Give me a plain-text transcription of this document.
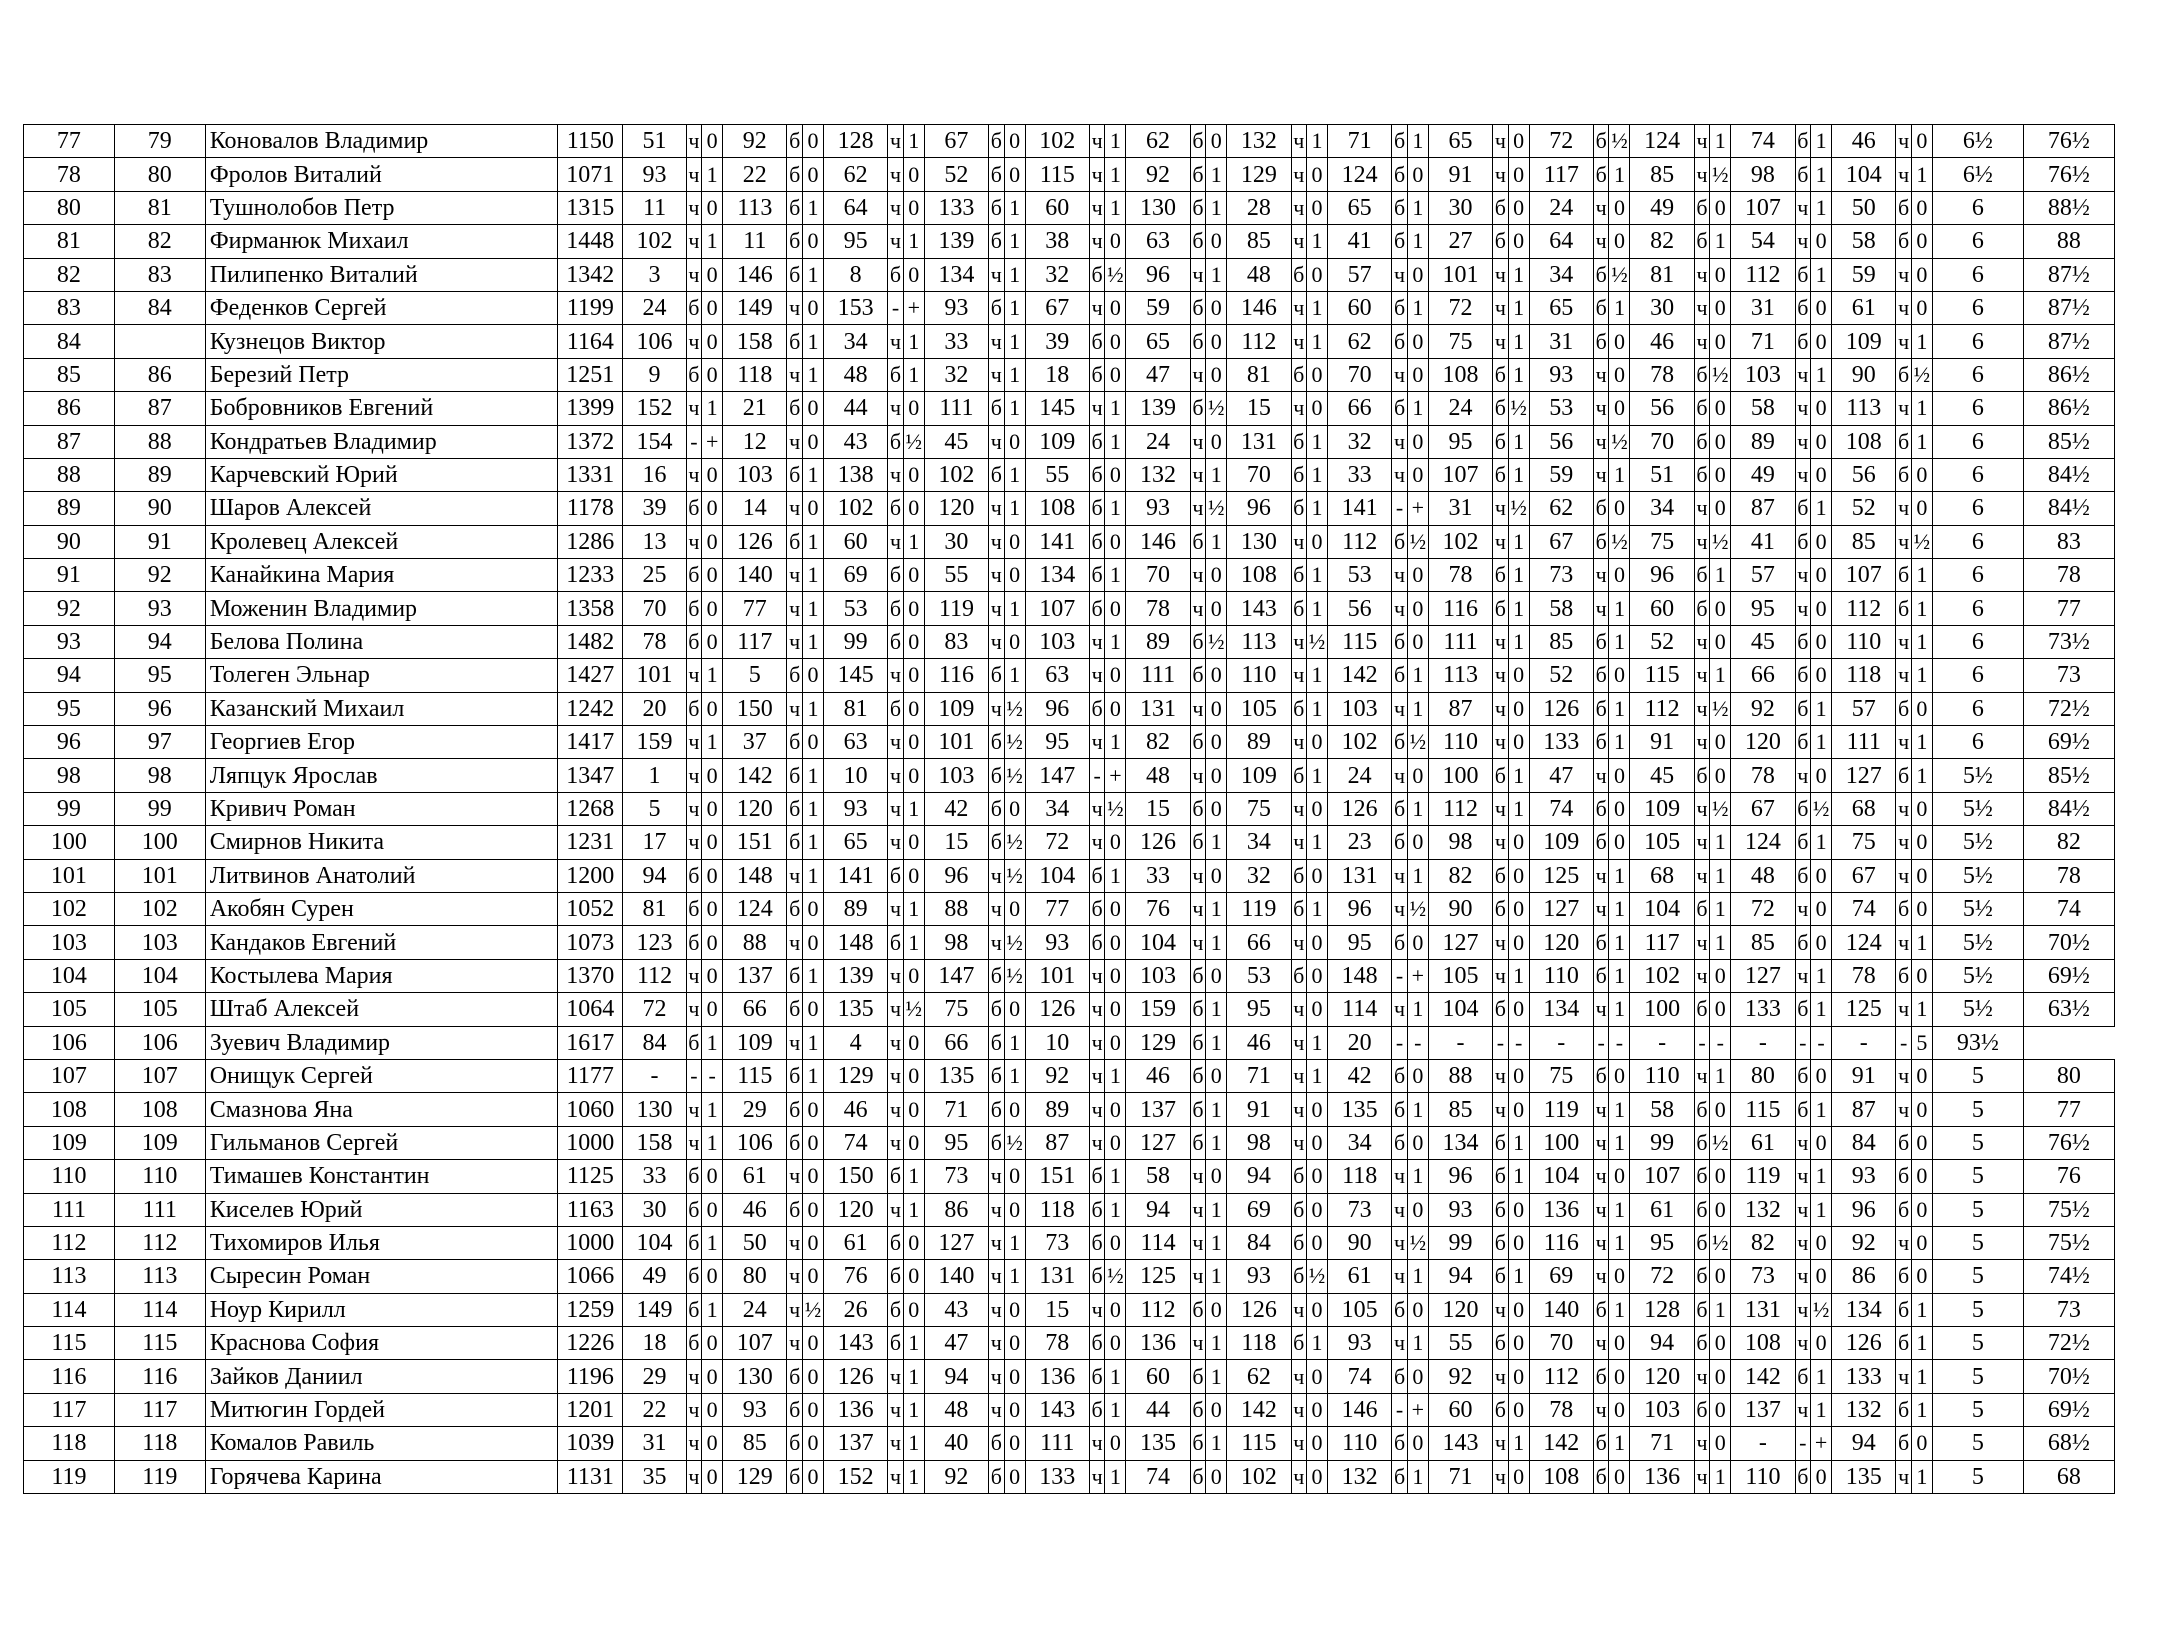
77	79	Коновалов Владимир	1150	51	ч	0	92	б	0	128	ч	1	67	б	0	102	ч	1	62	б	0	132	ч	1	71	б	1	65	ч	0	72	б	½	124	ч	1	74	б	1	46	ч	0	6½	76½
78	80	Фролов Виталий	1071	93	ч	1	22	б	0	62	ч	0	52	б	0	115	ч	1	92	б	1	129	ч	0	124	б	0	91	ч	0	117	б	1	85	ч	½	98	б	1	104	ч	1	6½	76½
80	81	Тушнолобов Петр	1315	11	ч	0	113	б	1	64	ч	0	133	б	1	60	ч	1	130	б	1	28	ч	0	65	б	1	30	б	0	24	ч	0	49	б	0	107	ч	1	50	б	0	6	88½
81	82	Фирманюк Михаил	1448	102	ч	1	11	б	0	95	ч	1	139	б	1	38	ч	0	63	б	0	85	ч	1	41	б	1	27	б	0	64	ч	0	82	б	1	54	ч	0	58	б	0	6	88
82	83	Пилипенко Виталий	1342	3	ч	0	146	б	1	8	б	0	134	ч	1	32	б	½	96	ч	1	48	б	0	57	ч	0	101	ч	1	34	б	½	81	ч	0	112	б	1	59	ч	0	6	87½
83	84	Феденков Сергей	1199	24	б	0	149	ч	0	153	-	+	93	б	1	67	ч	0	59	б	0	146	ч	1	60	б	1	72	ч	1	65	б	1	30	ч	0	31	б	0	61	ч	0	6	87½
84		Кузнецов Виктор	1164	106	ч	0	158	б	1	34	ч	1	33	ч	1	39	б	0	65	б	0	112	ч	1	62	б	0	75	ч	1	31	б	0	46	ч	0	71	б	0	109	ч	1	6	87½
85	86	Березий Петр	1251	9	б	0	118	ч	1	48	б	1	32	ч	1	18	б	0	47	ч	0	81	б	0	70	ч	0	108	б	1	93	ч	0	78	б	½	103	ч	1	90	б	½	6	86½
86	87	Бобровников Евгений	1399	152	ч	1	21	б	0	44	ч	0	111	б	1	145	ч	1	139	б	½	15	ч	0	66	б	1	24	б	½	53	ч	0	56	б	0	58	ч	0	113	ч	1	6	86½
87	88	Кондратьев Владимир	1372	154	-	+	12	ч	0	43	б	½	45	ч	0	109	б	1	24	ч	0	131	б	1	32	ч	0	95	б	1	56	ч	½	70	б	0	89	ч	0	108	б	1	6	85½
88	89	Карчевский Юрий	1331	16	ч	0	103	б	1	138	ч	0	102	б	1	55	б	0	132	ч	1	70	б	1	33	ч	0	107	б	1	59	ч	1	51	б	0	49	ч	0	56	б	0	6	84½
89	90	Шаров Алексей	1178	39	б	0	14	ч	0	102	б	0	120	ч	1	108	б	1	93	ч	½	96	б	1	141	-	+	31	ч	½	62	б	0	34	ч	0	87	б	1	52	ч	0	6	84½
90	91	Кролевец Алексей	1286	13	ч	0	126	б	1	60	ч	1	30	ч	0	141	б	0	146	б	1	130	ч	0	112	б	½	102	ч	1	67	б	½	75	ч	½	41	б	0	85	ч	½	6	83
91	92	Канайкина Мария	1233	25	б	0	140	ч	1	69	б	0	55	ч	0	134	б	1	70	ч	0	108	б	1	53	ч	0	78	б	1	73	ч	0	96	б	1	57	ч	0	107	б	1	6	78
92	93	Моженин Владимир	1358	70	б	0	77	ч	1	53	б	0	119	ч	1	107	б	0	78	ч	0	143	б	1	56	ч	0	116	б	1	58	ч	1	60	б	0	95	ч	0	112	б	1	6	77
93	94	Белова Полина	1482	78	б	0	117	ч	1	99	б	0	83	ч	0	103	ч	1	89	б	½	113	ч	½	115	б	0	111	ч	1	85	б	1	52	ч	0	45	б	0	110	ч	1	6	73½
94	95	Толеген Эльнар	1427	101	ч	1	5	б	0	145	ч	0	116	б	1	63	ч	0	111	б	0	110	ч	1	142	б	1	113	ч	0	52	б	0	115	ч	1	66	б	0	118	ч	1	6	73
95	96	Казанский Михаил	1242	20	б	0	150	ч	1	81	б	0	109	ч	½	96	б	0	131	ч	0	105	б	1	103	ч	1	87	ч	0	126	б	1	112	ч	½	92	б	1	57	б	0	6	72½
96	97	Георгиев Егор	1417	159	ч	1	37	б	0	63	ч	0	101	б	½	95	ч	1	82	б	0	89	ч	0	102	б	½	110	ч	0	133	б	1	91	ч	0	120	б	1	111	ч	1	6	69½
98	98	Ляпцук Ярослав	1347	1	ч	0	142	б	1	10	ч	0	103	б	½	147	-	+	48	ч	0	109	б	1	24	ч	0	100	б	1	47	ч	0	45	б	0	78	ч	0	127	б	1	5½	85½
99	99	Кривич Роман	1268	5	ч	0	120	б	1	93	ч	1	42	б	0	34	ч	½	15	б	0	75	ч	0	126	б	1	112	ч	1	74	б	0	109	ч	½	67	б	½	68	ч	0	5½	84½
100	100	Смирнов Никита	1231	17	ч	0	151	б	1	65	ч	0	15	б	½	72	ч	0	126	б	1	34	ч	1	23	б	0	98	ч	0	109	б	0	105	ч	1	124	б	1	75	ч	0	5½	82
101	101	Литвинов Анатолий	1200	94	б	0	148	ч	1	141	б	0	96	ч	½	104	б	1	33	ч	0	32	б	0	131	ч	1	82	б	0	125	ч	1	68	ч	1	48	б	0	67	ч	0	5½	78
102	102	Акобян Сурен	1052	81	б	0	124	б	0	89	ч	1	88	ч	0	77	б	0	76	ч	1	119	б	1	96	ч	½	90	б	0	127	ч	1	104	б	1	72	ч	0	74	б	0	5½	74
103	103	Кандаков Евгений	1073	123	б	0	88	ч	0	148	б	1	98	ч	½	93	б	0	104	ч	1	66	ч	0	95	б	0	127	ч	0	120	б	1	117	ч	1	85	б	0	124	ч	1	5½	70½
104	104	Костылева Мария	1370	112	ч	0	137	б	1	139	ч	0	147	б	½	101	ч	0	103	б	0	53	б	0	148	-	+	105	ч	1	110	б	1	102	ч	0	127	ч	1	78	б	0	5½	69½
105	105	Штаб Алексей	1064	72	ч	0	66	б	0	135	ч	½	75	б	0	126	ч	0	159	б	1	95	ч	0	114	ч	1	104	б	0	134	ч	1	100	б	0	133	б	1	125	ч	1	5½	63½
106	106	Зуевич Владимир	1617	84	б	1	109	ч	1	4	ч	0	66	б	1	10	ч	0	129	б	1	46	ч	1	20	-	-	-	-	-	-	-	-	-	-	-	-	-	-	-	-	5	93½	
107	107	Онищук Сергей	1177	-	-	-	115	б	1	129	ч	0	135	б	1	92	ч	1	46	б	0	71	ч	1	42	б	0	88	ч	0	75	б	0	110	ч	1	80	б	0	91	ч	0	5	80
108	108	Смазнова Яна	1060	130	ч	1	29	б	0	46	ч	0	71	б	0	89	ч	0	137	б	1	91	ч	0	135	б	1	85	ч	0	119	ч	1	58	б	0	115	б	1	87	ч	0	5	77
109	109	Гильманов Сергей	1000	158	ч	1	106	б	0	74	ч	0	95	б	½	87	ч	0	127	б	1	98	ч	0	34	б	0	134	б	1	100	ч	1	99	б	½	61	ч	0	84	б	0	5	76½
110	110	Тимашев Константин	1125	33	б	0	61	ч	0	150	б	1	73	ч	0	151	б	1	58	ч	0	94	б	0	118	ч	1	96	б	1	104	ч	0	107	б	0	119	ч	1	93	б	0	5	76
111	111	Киселев Юрий	1163	30	б	0	46	б	0	120	ч	1	86	ч	0	118	б	1	94	ч	1	69	б	0	73	ч	0	93	б	0	136	ч	1	61	б	0	132	ч	1	96	б	0	5	75½
112	112	Тихомиров Илья	1000	104	б	1	50	ч	0	61	б	0	127	ч	1	73	б	0	114	ч	1	84	б	0	90	ч	½	99	б	0	116	ч	1	95	б	½	82	ч	0	92	ч	0	5	75½
113	113	Сыресин Роман	1066	49	б	0	80	ч	0	76	б	0	140	ч	1	131	б	½	125	ч	1	93	б	½	61	ч	1	94	б	1	69	ч	0	72	б	0	73	ч	0	86	б	0	5	74½
114	114	Ноур Кирилл	1259	149	б	1	24	ч	½	26	б	0	43	ч	0	15	ч	0	112	б	0	126	ч	0	105	б	0	120	ч	0	140	б	1	128	б	1	131	ч	½	134	б	1	5	73
115	115	Краснова София	1226	18	б	0	107	ч	0	143	б	1	47	ч	0	78	б	0	136	ч	1	118	б	1	93	ч	1	55	б	0	70	ч	0	94	б	0	108	ч	0	126	б	1	5	72½
116	116	Зайков Даниил	1196	29	ч	0	130	б	0	126	ч	1	94	ч	0	136	б	1	60	б	1	62	ч	0	74	б	0	92	ч	0	112	б	0	120	ч	0	142	б	1	133	ч	1	5	70½
117	117	Митюгин Гордей	1201	22	ч	0	93	б	0	136	ч	1	48	ч	0	143	б	1	44	б	0	142	ч	0	146	-	+	60	б	0	78	ч	0	103	б	0	137	ч	1	132	б	1	5	69½
118	118	Комалов Равиль	1039	31	ч	0	85	б	0	137	ч	1	40	б	0	111	ч	0	135	б	1	115	ч	0	110	б	0	143	ч	1	142	б	1	71	ч	0	-	-	+	94	б	0	5	68½
119	119	Горячева Карина	1131	35	ч	0	129	б	0	152	ч	1	92	б	0	133	ч	1	74	б	0	102	ч	0	132	б	1	71	ч	0	108	б	0	136	ч	1	110	б	0	135	ч	1	5	68
